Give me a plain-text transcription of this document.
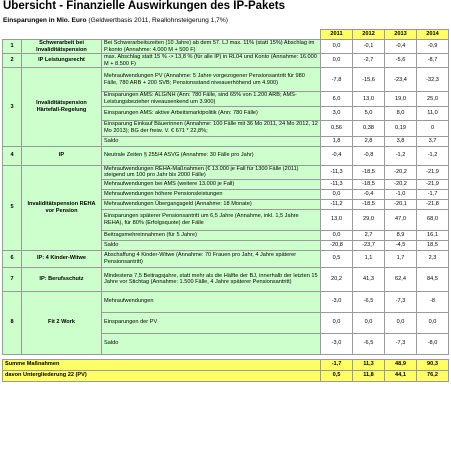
Übersicht - Finanzielle Auswirkungen des IP-Pakets
Einsparungen in Mio. Euro (Geldwertbasis 2011, Reallohnsteigerung 1,7%)
			2011	2012	2013	2014
1	Schwerarbeit bei Invaliditätspension	Bei Schwerarbeitszeiten (10 Jahre) ab dem 57. LJ max. 11% (statt 15%) Abschlag im P.konto (Annahme: 4.000 M + 500 F)	0,0	-0,1	-0,4	-0,9
2	IP Leistungsrecht	max. Abschlag statt 15 % -> 13,8 % (für alle IP) in RL04 und Konto (Annahme: 16.000 M + 8.500 F)	0,0	-2,7	-5,6	-8,7
3	Invaliditätspension Härtefall-Regelung	Mehraufwendungen PV (Annahme: 5 Jahre vorgezogener Pensionsantritt für 980 Fälle, 780 ARB + 200 SVB; Pensionsstand niveauerhöhend um 4.900)	-7,8	-15,6	-23,4	-32,3
		Einsparungen AMS: ALG/NH (Ann: 780 Fälle, sind 65% von 1.200 ARB; AMS-Leistungsbezieher niveausenkend um 3.900)	6,0	13,0	19,0	25,0
		Einsparungen AMS: aktive Arbeitsmarktpolitik (Ann: 780 Fälle)	3,0	5,0	8,0	11,0
		Einsparung Einkauf Bäuerinnen (Annahme: 100 Fälle mit 36 Mo 2011, 24 Mo 2012, 12 Mo 2013); BG der freiw. V. € 671 * 22,8%;	0,56	0,38	0,19	0
		Saldo	1,8	2,8	3,8	3,7
4	IP	Neutrale Zeiten § 255/4 ASVG (Annahme: 30 Fälle pro Jahr)	-0,4	-0,8	-1,2	-1,2
5	Invaliditätspension REHA vor Pension	Mehraufwendungen REHA-Maßnahmen (€ 13.000 je Fall für 1300 Fälle (2011) steigend um 100 pro Jahr bis 2000 Fälle)	-11,3	-18,5	-20,2	-21,9
		Mehraufwendungen bei AMS (weitere 13.000 je Fall)	-11,3	-18,5	-20,2	-21,9
		Mehraufwendungen höhere Pensionsleistungen	0,0	-0,4	-1,0	-1,7
		Mehraufwendungen Übergangsgeld (Annahme: 18 Monate)	-11,2	-18,5	-20,1	-21,8
		Einsparungen späterer Pensionsantritt um 6,5 Jahre (Annahme, inkl. 1,5 Jahre REHA), für 80% (Erfolgsquote) der Fälle	13,0	29,0	47,0	68,0
		Beitragsmehreinnahmen (für 5 Jahre)	0,0	2,7	8,9	16,1
		Saldo	-20,8	-23,7	-4,5	18,5
6	IP: 4 Kinder-Witwe	Abschaffung 4 Kinder-Witwe (Annahme: 70 Frauen pro Jahr, 4 Jahre späterer Pensionsantritt)	0,5	1,1	1,7	2,3
7	IP: Berufsschutz	Mindestens 7,5 Beitragsjahre, statt mehr als die Hälfte der BJ, innerhalb der letzten 15 Jahre vor Stichtag (Annahme: 1.500 Fälle, 4 Jahre späterer Pensionsantritt)	20,2	41,3	62,4	84,5
8	Fit 2 Work	Mehraufwendungen	-3,0	-6,5	-7,3	-8
		Einsparungen der PV	0,0	0,0	0,0	0,0
		Saldo	-3,0	-6,5	-7,3	-8,0

Summe Maßnahmen			-1,7	11,3	48,9	90,3
davon Untergliederung 22 (PV)			0,5	11,8	44,1	76,2
